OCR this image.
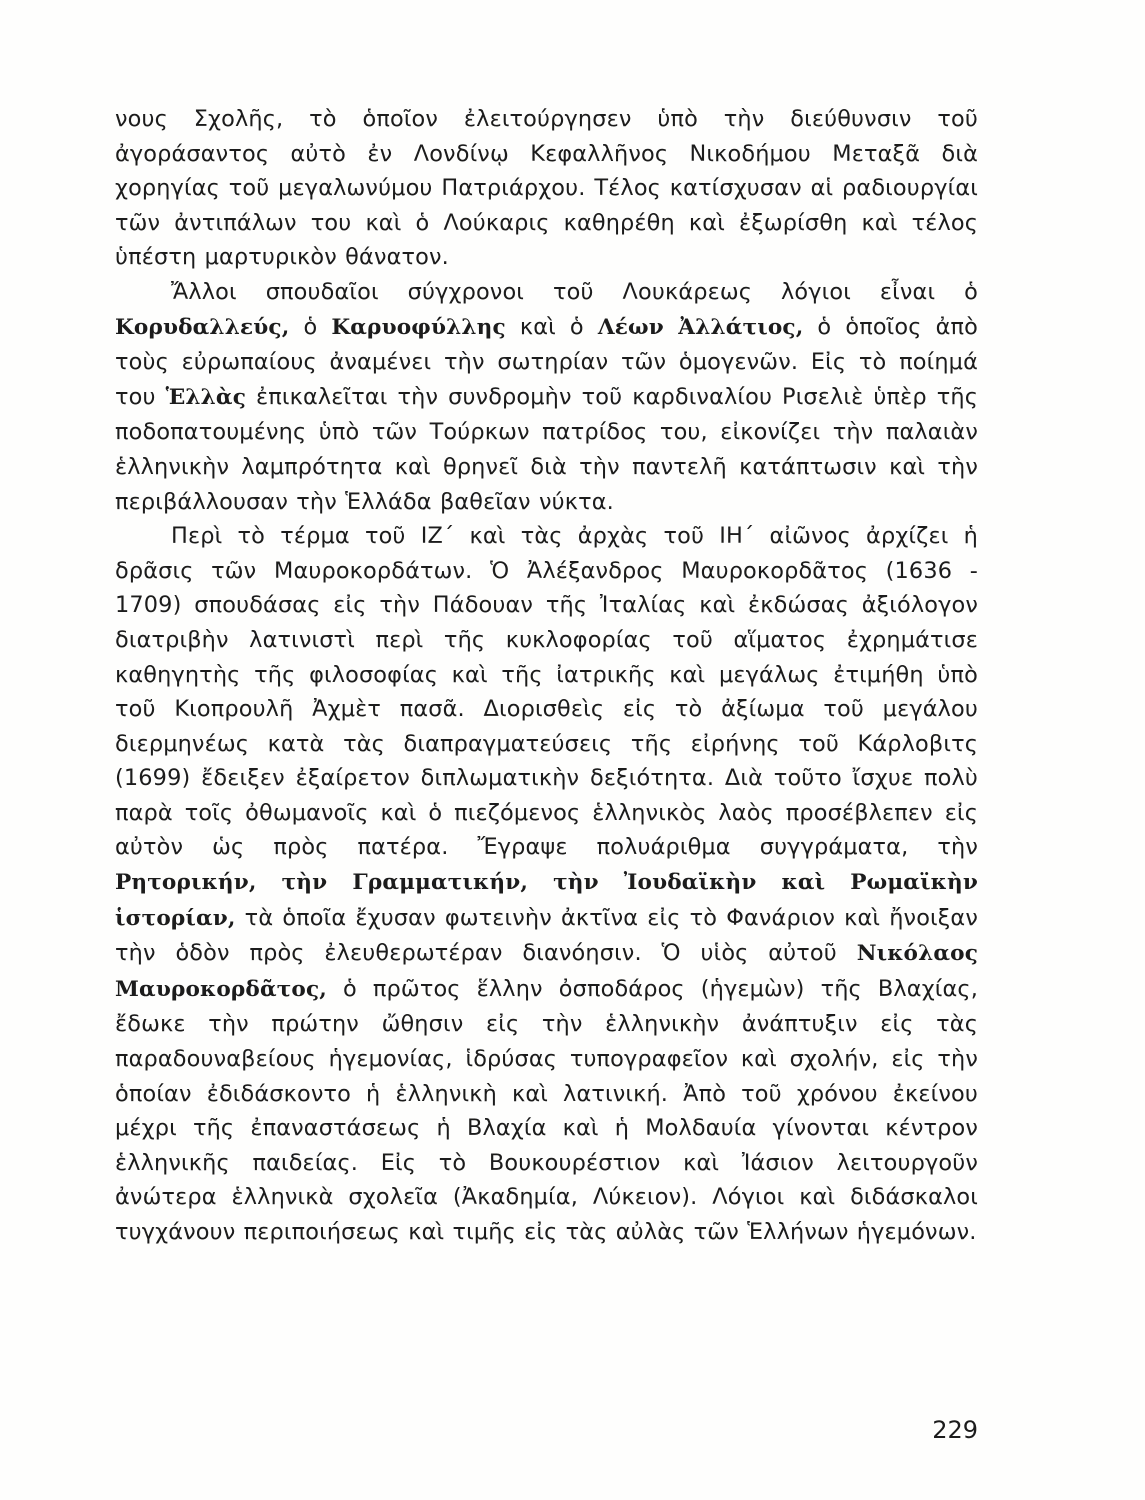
νους Σχολῆς, τὸ ὁποῖον ἐλειτούργησεν ὑπὸ τὴν διεύθυνσιν τοῦ ἀγοράσαντος αὐτὸ ἐν Λονδίνῳ Κεφαλλῆνος Νικοδήμου Μεταξᾶ διὰ χορηγίας τοῦ μεγαλωνύμου Πατριάρχου. Τέλος κατίσχυσαν αἱ ραδιουργίαι τῶν ἀντιπάλων του καὶ ὁ Λούκαρις καθηρέθη καὶ ἐξωρίσθη καὶ τέλος ὑπέστη μαρτυρικὸν θάνατον.

Ἄλλοι σπουδαῖοι σύγχρονοι τοῦ Λουκάρεως λόγιοι εἶναι ὁ Κορυδαλλεύς, ὁ Καρυοφύλλης καὶ ὁ Λέων Ἀλλάτιος, ὁ ὁποῖος ἀπὸ τοὺς εὐρωπαίους ἀναμένει τὴν σωτηρίαν τῶν ὁμογενῶν. Εἰς τὸ ποίημά του Ἑλλὰς ἐπικαλεῖται τὴν συνδρομὴν τοῦ καρδιναλίου Ρισελιὲ ὑπὲρ τῆς ποδοπατουμένης ὑπὸ τῶν Τούρκων πατρίδος του, εἰκονίζει τὴν παλαιὰν ἑλληνικὴν λαμπρότητα καὶ θρηνεῖ διὰ τὴν παντελῆ κατάπτωσιν καὶ τὴν περιβάλλουσαν τὴν Ἑλλάδα βαθεῖαν νύκτα.

Περὶ τὸ τέρμα τοῦ ΙΖ΄ καὶ τὰς ἀρχὰς τοῦ ΙΗ΄ αἰῶνος ἀρχίζει ἡ δρᾶσις τῶν Μαυροκορδάτων. Ὁ Ἀλέξανδρος Μαυροκορδᾶτος (1636 - 1709) σπουδάσας εἰς τὴν Πάδουαν τῆς Ἰταλίας καὶ ἐκδώσας ἀξιόλογον διατριβὴν λατινιστὶ περὶ τῆς κυκλοφορίας τοῦ αἵματος ἐχρημάτισε καθηγητὴς τῆς φιλοσοφίας καὶ τῆς ἰατρικῆς καὶ μεγάλως ἐτιμήθη ὑπὸ τοῦ Κιοπρουλῆ Ἀχμὲτ πασᾶ. Διορισθεὶς εἰς τὸ ἀξίωμα τοῦ μεγάλου διερμηνέως κατὰ τὰς διαπραγματεύσεις τῆς εἰρήνης τοῦ Κάρλοβιτς (1699) ἔδειξεν ἐξαίρετον διπλωματικὴν δεξιότητα. Διὰ τοῦτο ἴσχυε πολὺ παρὰ τοῖς ὀθωμανοῖς καὶ ὁ πιεζόμενος ἑλληνικὸς λαὸς προσέβλεπεν εἰς αὐτὸν ὡς πρὸς πατέρα. Ἔγραψε πολυάριθμα συγγράματα, τὴν Ρητορικήν, τὴν Γραμματικήν, τὴν Ἰουδαϊκὴν καὶ Ρωμαϊκὴν ἱστορίαν, τὰ ὁποῖα ἔχυσαν φωτεινὴν ἀκτῖνα εἰς τὸ Φανάριον καὶ ἤνοιξαν τὴν ὁδὸν πρὸς ἐλευθερωτέραν διανόησιν. Ὁ υἱὸς αὐτοῦ Νικόλαος Μαυροκορδᾶτος, ὁ πρῶτος ἕλλην ὀσποδάρος (ἡγεμὼν) τῆς Βλαχίας, ἔδωκε τὴν πρώτην ὤθησιν εἰς τὴν ἑλληνικὴν ἀνάπτυξιν εἰς τὰς παραδουναβείους ἡγεμονίας, ἱδρύσας τυπογραφεῖον καὶ σχολήν, εἰς τὴν ὁποίαν ἐδιδάσκοντο ἡ ἑλληνικὴ καὶ λατινική. Ἀπὸ τοῦ χρόνου ἐκείνου μέχρι τῆς ἐπαναστάσεως ἡ Βλαχία καὶ ἡ Μολδαυία γίνονται κέντρον ἑλληνικῆς παιδείας. Εἰς τὸ Βουκουρέστιον καὶ Ἰάσιον λειτουργοῦν ἀνώτερα ἑλληνικὰ σχολεῖα (Ἀκαδημία, Λύκειον). Λόγιοι καὶ διδάσκαλοι τυγχάνουν περιποιήσεως καὶ τιμῆς εἰς τὰς αὐλὰς τῶν Ἑλλήνων ἡγεμόνων.

229
